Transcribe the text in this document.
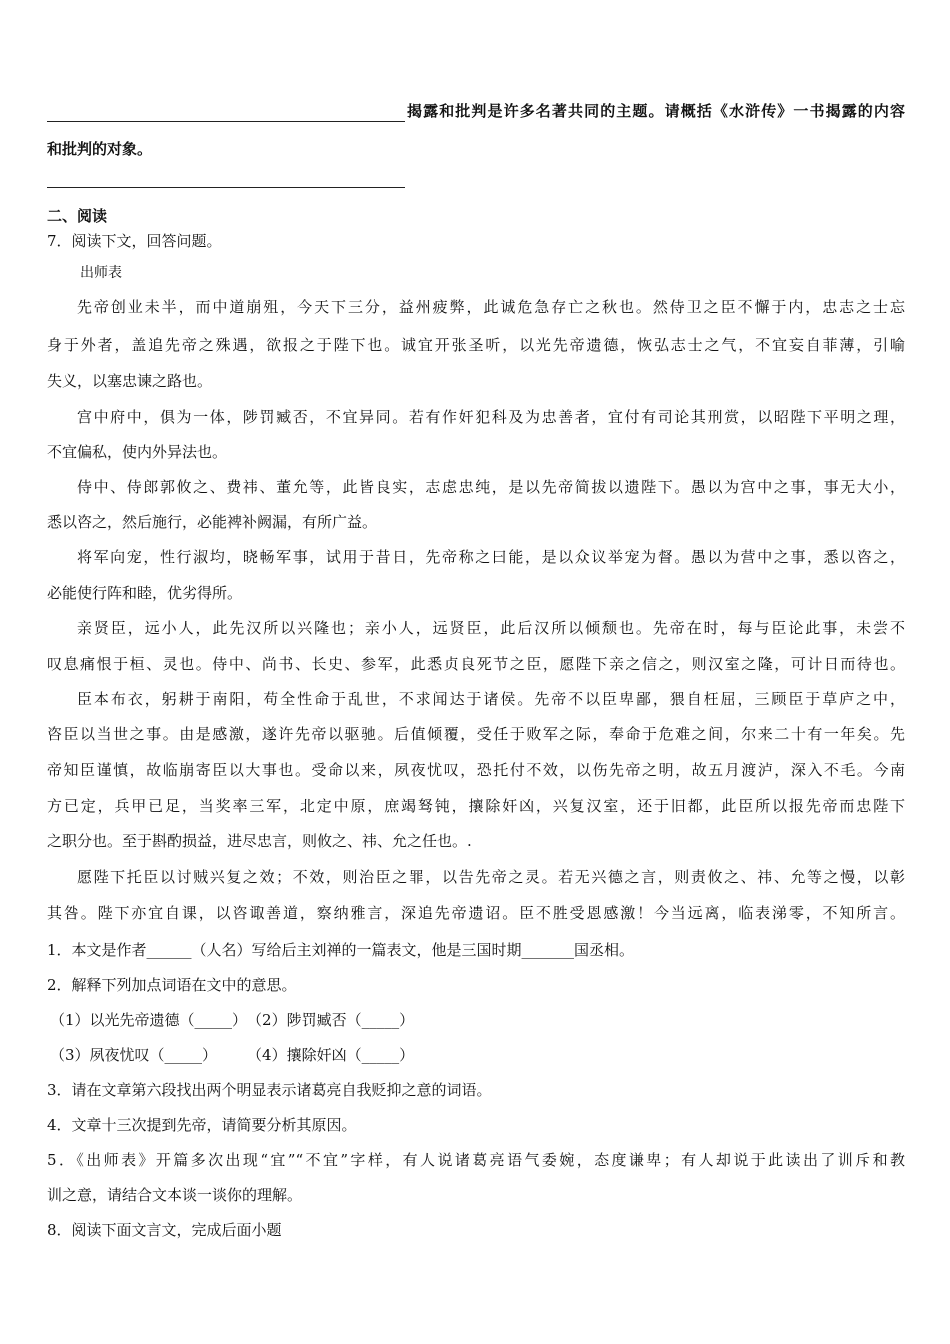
揭露和批判是许多名著共同的主题。请概括《水浒传》一书揭露的内容
和批判的对象。
二、阅读
7．阅读下文，回答问题。
出师表
先帝创业未半，而中道崩殂，今天下三分，益州疲弊，此诚危急存亡之秋也。然侍卫之臣不懈于内，忠志之士忘
身于外者，盖追先帝之殊遇，欲报之于陛下也。诚宜开张圣听，以光先帝遗德，恢弘志士之气，不宜妄自菲薄，引喻
失义，以塞忠谏之路也。
宫中府中，俱为一体，陟罚臧否，不宜异同。若有作奸犯科及为忠善者，宜付有司论其刑赏，以昭陛下平明之理，
不宜偏私，使内外异法也。
侍中、侍郎郭攸之、费祎、董允等，此皆良实，志虑忠纯，是以先帝简拔以遗陛下。愚以为宫中之事，事无大小，
悉以咨之，然后施行，必能裨补阙漏，有所广益。
将军向宠，性行淑均，晓畅军事，试用于昔日，先帝称之曰能，是以众议举宠为督。愚以为营中之事，悉以咨之，
必能使行阵和睦，优劣得所。
亲贤臣，远小人，此先汉所以兴隆也；亲小人，远贤臣，此后汉所以倾颓也。先帝在时，每与臣论此事，未尝不
叹息痛恨于桓、灵也。侍中、尚书、长史、参军，此悉贞良死节之臣，愿陛下亲之信之，则汉室之隆，可计日而待也。
臣本布衣，躬耕于南阳，苟全性命于乱世，不求闻达于诸侯。先帝不以臣卑鄙，猥自枉屈，三顾臣于草庐之中，
咨臣以当世之事。由是感激，遂许先帝以驱驰。后值倾覆，受任于败军之际，奉命于危难之间，尔来二十有一年矣。先
帝知臣谨慎，故临崩寄臣以大事也。受命以来，夙夜忧叹，恐托付不效，以伤先帝之明，故五月渡泸，深入不毛。今南
方已定，兵甲已足，当奖率三军，北定中原，庶竭驽钝，攘除奸凶，兴复汉室，还于旧都，此臣所以报先帝而忠陛下
之职分也。至于斟酌损益，进尽忠言，则攸之、祎、允之任也。.
愿陛下托臣以讨贼兴复之效；不效，则治臣之罪，以告先帝之灵。若无兴德之言，则责攸之、祎、允等之慢，以彰
其咎。陛下亦宜自课，以咨诹善道，察纳雅言，深追先帝遗诏。臣不胜受恩感激！今当远离，临表涕零，不知所言。
1．本文是作者______（人名）写给后主刘禅的一篇表文，他是三国时期_______国丞相。
2．解释下列加点词语在文中的意思。
（1）以光先帝遗德（_____）　（2）陟罚臧否（_____）
（3）夙夜忧叹（_____）　　　（4）攘除奸凶（_____）
3．请在文章第六段找出两个明显表示诸葛亮自我贬抑之意的词语。
4．文章十三次提到先帝，请简要分析其原因。
5．《出师表》开篇多次出现“宜”“不宜”字样，有人说诸葛亮语气委婉，态度谦卑；有人却说于此读出了训斥和教
训之意，请结合文本谈一谈你的理解。
8．阅读下面文言文，完成后面小题
